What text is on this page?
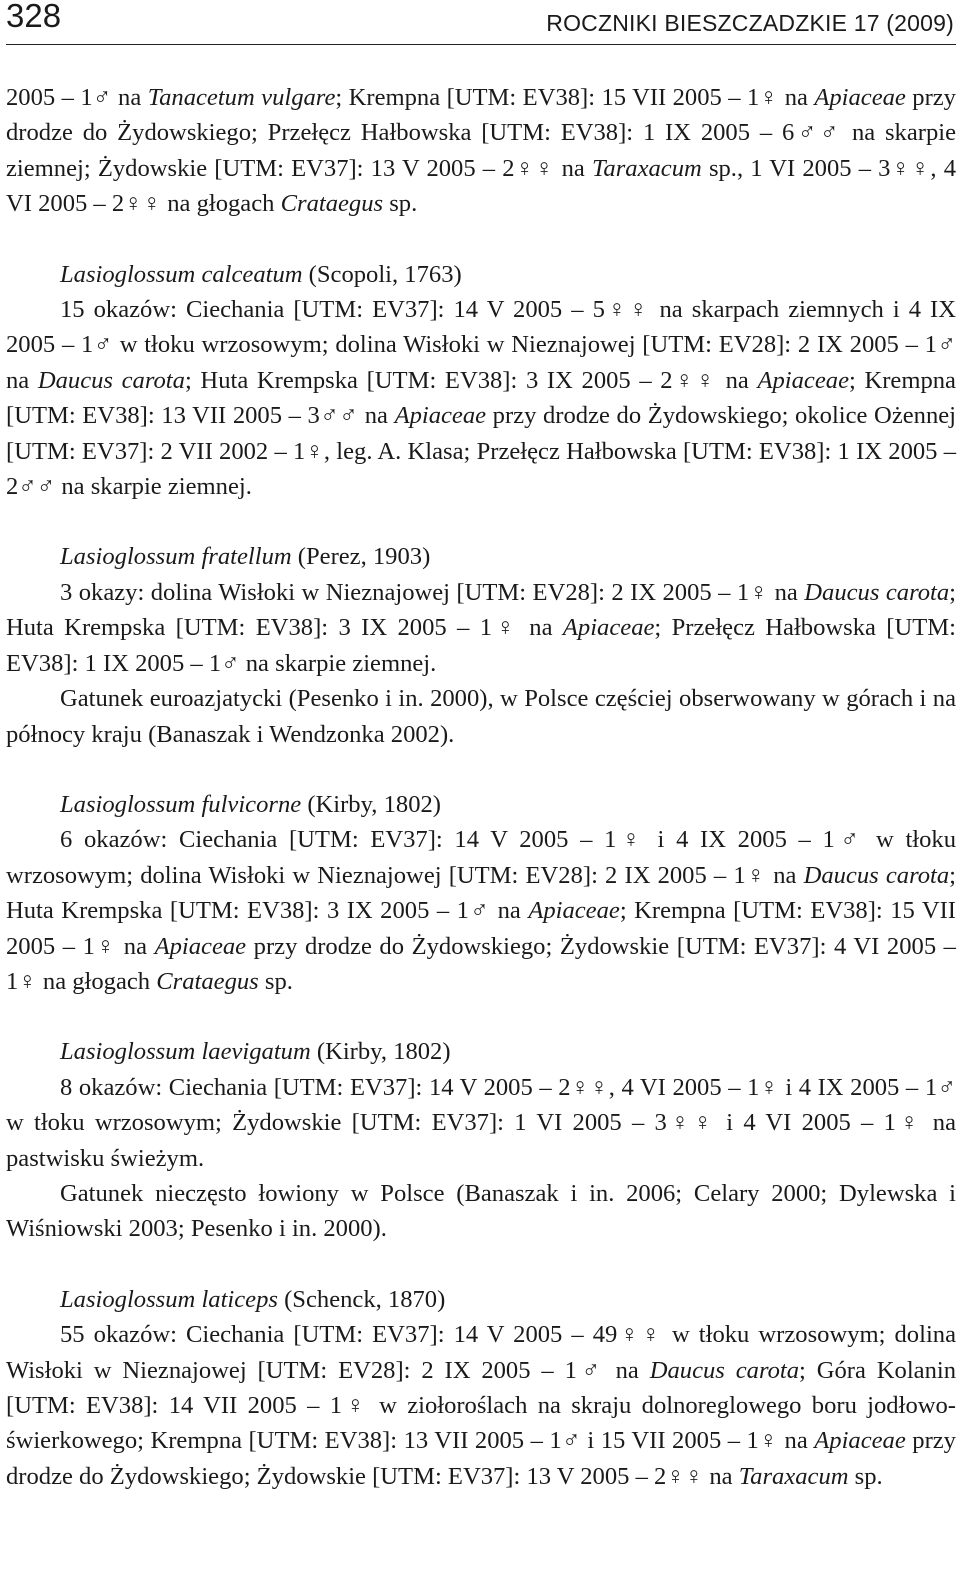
328	ROCZNIKI BIESZCZADZKIE 17 (2009)

2005 – 1♂ na Tanacetum vulgare; Krempna [UTM: EV38]: 15 VII 2005 – 1♀ na Apiaceae przy drodze do Żydowskiego; Przełęcz Hałbowska [UTM: EV38]: 1 IX 2005 – 6♂♂ na skarpie ziemnej; Żydowskie [UTM: EV37]: 13 V 2005 – 2♀♀ na Taraxacum sp., 1 VI 2005 – 3♀♀, 4 VI 2005 – 2♀♀ na głogach Crataegus sp.

Lasioglossum calceatum (Scopoli, 1763)

15 okazów: Ciechania [UTM: EV37]: 14 V 2005 – 5♀♀ na skarpach ziemnych i 4 IX 2005 – 1♂ w tłoku wrzosowym; dolina Wisłoki w Nieznajowej [UTM: EV28]: 2 IX 2005 – 1♂ na Daucus carota; Huta Krempska [UTM: EV38]: 3 IX 2005 – 2♀♀ na Apiaceae; Krempna [UTM: EV38]: 13 VII 2005 – 3♂♂ na Apiaceae przy drodze do Żydowskiego; okolice Ożennej [UTM: EV37]: 2 VII 2002 – 1♀, leg. A. Klasa; Przełęcz Hałbowska [UTM: EV38]: 1 IX 2005 – 2♂♂ na skarpie ziemnej.

Lasioglossum fratellum (Perez, 1903)

3 okazy: dolina Wisłoki w Nieznajowej [UTM: EV28]: 2 IX 2005 – 1♀ na Daucus carota; Huta Krempska [UTM: EV38]: 3 IX 2005 – 1♀ na Apiaceae; Przełęcz Hałbowska [UTM: EV38]: 1 IX 2005 – 1♂ na skarpie ziemnej.

Gatunek euroazjatycki (Pesenko i in. 2000), w Polsce częściej obserwowany w górach i na północy kraju (Banaszak i Wendzonka 2002).

Lasioglossum fulvicorne (Kirby, 1802)

6 okazów: Ciechania [UTM: EV37]: 14 V 2005 – 1♀ i 4 IX 2005 – 1♂ w tłoku wrzosowym; dolina Wisłoki w Nieznajowej [UTM: EV28]: 2 IX 2005 – 1♀ na Daucus carota; Huta Krempska [UTM: EV38]: 3 IX 2005 – 1♂ na Apiaceae; Krempna [UTM: EV38]: 15 VII 2005 – 1♀ na Apiaceae przy drodze do Żydowskiego; Żydowskie [UTM: EV37]: 4 VI 2005 – 1♀ na głogach Crataegus sp.

Lasioglossum laevigatum (Kirby, 1802)

8 okazów: Ciechania [UTM: EV37]: 14 V 2005 – 2♀♀, 4 VI 2005 – 1♀ i 4 IX 2005 – 1♂ w tłoku wrzosowym; Żydowskie [UTM: EV37]: 1 VI 2005 – 3♀♀ i 4 VI 2005 – 1♀ na pastwisku świeżym.

Gatunek nieczęsto łowiony w Polsce (Banaszak i in. 2006; Celary 2000; Dylewska i Wiśniowski 2003; Pesenko i in. 2000).

Lasioglossum laticeps (Schenck, 1870)

55 okazów: Ciechania [UTM: EV37]: 14 V 2005 – 49♀♀ w tłoku wrzosowym; dolina Wisłoki w Nieznajowej [UTM: EV28]: 2 IX 2005 – 1♂ na Daucus carota; Góra Kolanin [UTM: EV38]: 14 VII 2005 – 1♀ w ziołoroślach na skraju dolnoreglowego boru jodłowo-świerkowego; Krempna [UTM: EV38]: 13 VII 2005 – 1♂ i 15 VII 2005 – 1♀ na Apiaceae przy drodze do Żydowskiego; Żydowskie [UTM: EV37]: 13 V 2005 – 2♀♀ na Taraxacum sp.
